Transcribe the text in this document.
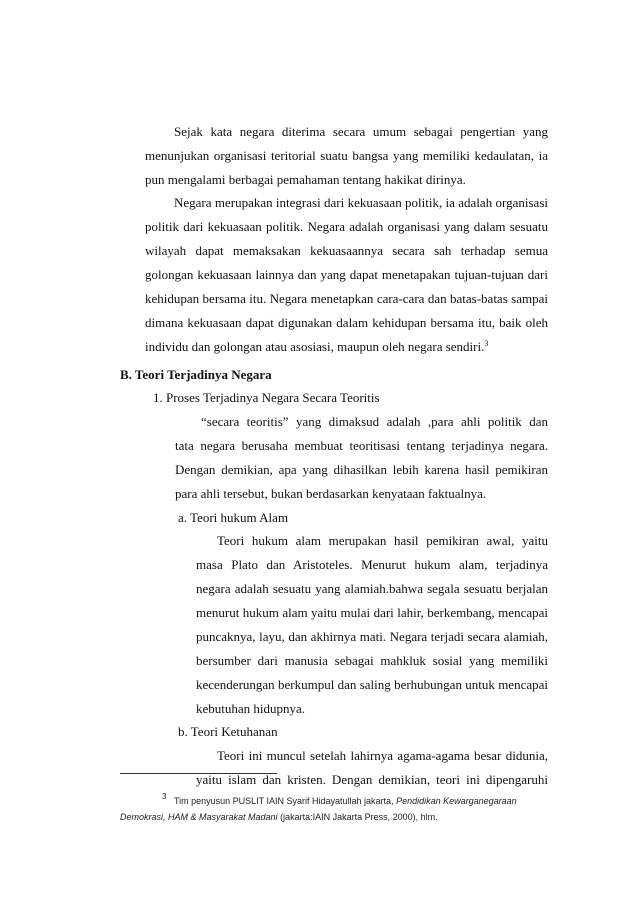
Sejak kata negara diterima secara umum sebagai pengertian yang
menunjukan organisasi teritorial suatu bangsa yang memiliki kedaulatan, ia
pun mengalami berbagai pemahaman tentang hakikat dirinya.
Negara merupakan integrasi dari kekuasaan politik, ia adalah organisasi
politik dari kekuasaan politik. Negara adalah organisasi yang dalam sesuatu
wilayah dapat memaksakan kekuasaannya secara sah terhadap semua
golongan kekuasaan lainnya dan yang dapat menetapakan tujuan-tujuan dari
kehidupan bersama itu. Negara menetapkan cara-cara dan batas-batas sampai
dimana kekuasaan dapat digunakan dalam kehidupan bersama itu, baik oleh
individu dan golongan atau asosiasi, maupun oleh negara sendiri.$^3$
B. Teori Terjadinya Negara
1. Proses Terjadinya Negara Secara Teoritis
“secara teoritis” yang dimaksud adalah ,para ahli politik dan
tata negara berusaha membuat teoritisasi tentang terjadinya negara.
Dengan demikian, apa yang dihasilkan lebih karena hasil pemikiran
para ahli tersebut, bukan berdasarkan kenyataan faktualnya.
a. Teori hukum Alam
Teori hukum alam merupakan hasil pemikiran awal, yaitu
masa Plato dan Aristoteles. Menurut hukum alam, terjadinya
negara adalah sesuatu yang alamiah.bahwa segala sesuatu berjalan
menurut hukum alam yaitu mulai dari lahir, berkembang, mencapai
puncaknya, layu, dan akhirnya mati. Negara terjadi secara alamiah,
bersumber dari manusia sebagai mahkluk sosial yang memiliki
kecenderungan berkumpul dan saling berhubungan untuk mencapai
kebutuhan hidupnya.
b. Teori Ketuhanan
Teori ini muncul setelah lahirnya agama-agama besar didunia,
yaitu islam dan kristen. Dengan demikian, teori ini dipengaruhi
$^3$ Tim penyusun PUSLIT IAIN Syarif Hidayatullah jakarta, Pendidikan Kewarganegaraan
Demokrasi, HAM & Masyarakat Madani (jakarta:IAIN Jakarta Press, 2000), hlm.
